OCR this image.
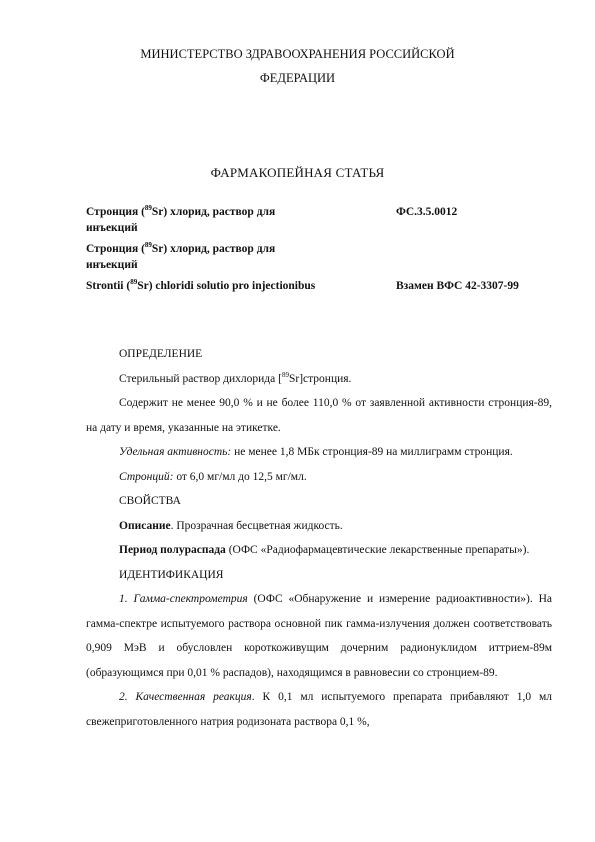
МИНИСТЕРСТВО ЗДРАВООХРАНЕНИЯ РОССИЙСКОЙ
ФЕДЕРАЦИИ
ФАРМАКОПЕЙНАЯ СТАТЬЯ
Стронция ($^{89}$Sr) хлорид, раствор для
инъекций
ФС.3.5.0012
Стронция ($^{89}$Sr) хлорид, раствор для
инъекций
Strontii ($^{89}$Sr) chloridi solutio pro injectionibus	Взамен ВФС 42-3307-99

ОПРЕДЕЛЕНИЕ

Стерильный раствор дихлорида [$^{89}$Sr]стронция.

Содержит не менее 90,0 % и не более 110,0 % от заявленной активности стронция-89, на дату и время, указанные на этикетке.

Удельная активность: не менее 1,8 МБк стронция-89 на миллиграмм стронция.

Стронций: от 6,0 мг/мл до 12,5 мг/мл.

СВОЙСТВА

Описание. Прозрачная бесцветная жидкость.

Период полураспада (ОФС «Радиофармацевтические лекарственные препараты»).

ИДЕНТИФИКАЦИЯ

1. Гамма-спектрометрия (ОФС «Обнаружение и измерение радиоактивности»). На гамма-спектре испытуемого раствора основной пик гамма-излучения должен соответствовать 0,909 МэВ и обусловлен короткоживущим дочерним радионуклидом иттрием-89м (образующимся при 0,01 % распадов), находящимся в равновесии со стронцием-89.

2. Качественная реакция. К 0,1 мл испытуемого препарата прибавляют 1,0 мл свежеприготовленного натрия родизоната раствора 0,1 %,
